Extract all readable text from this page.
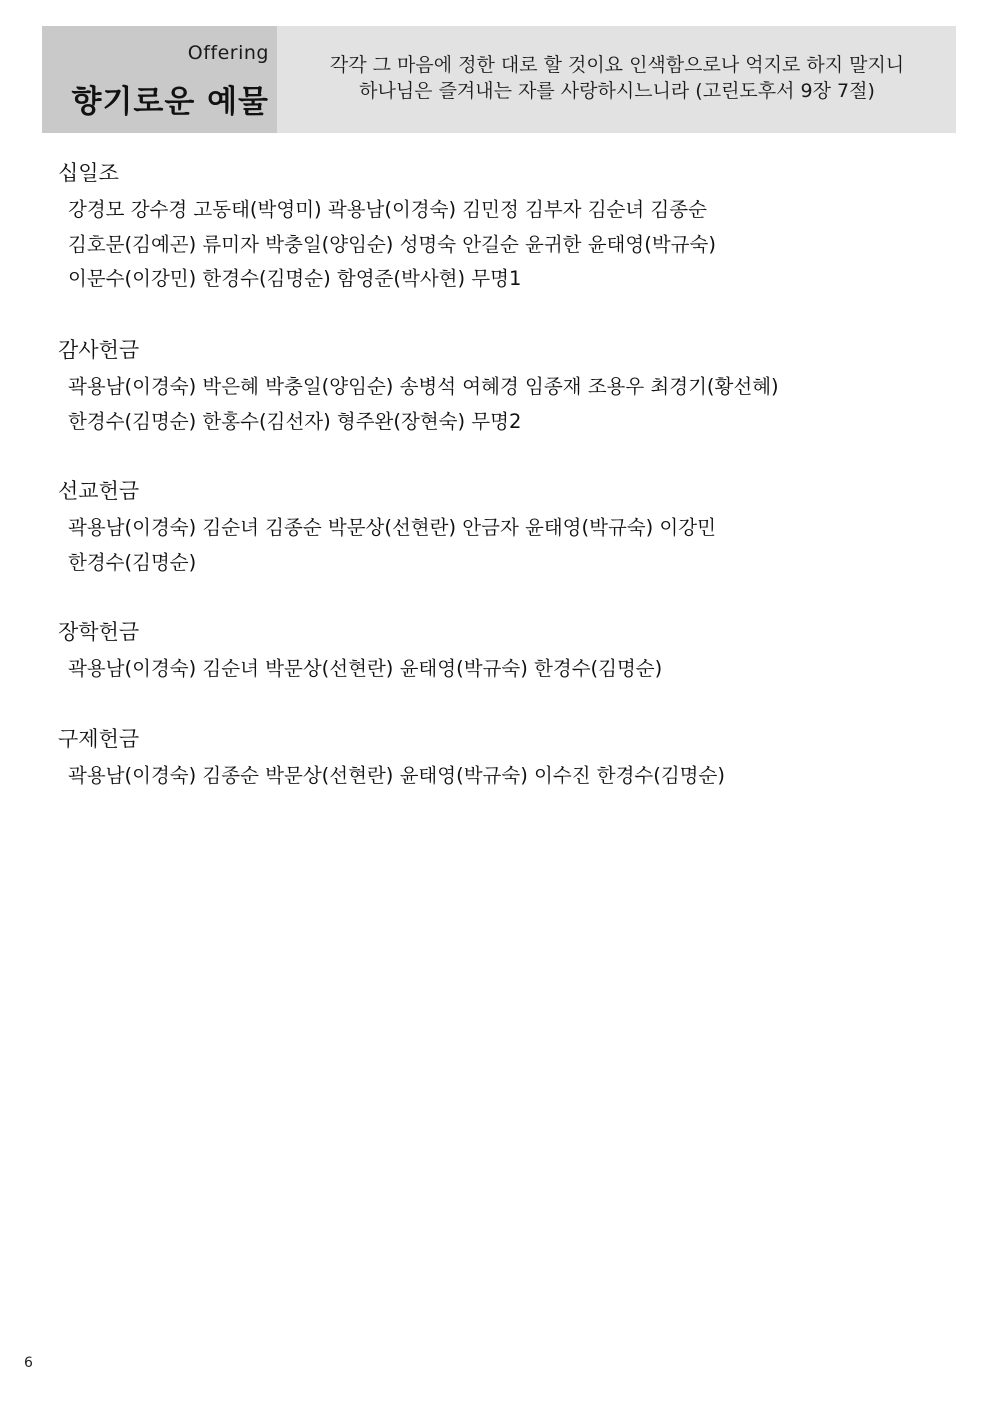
Offering
향기로운 예물
각각 그 마음에 정한 대로 할 것이요 인색함으로나 억지로 하지 말지니
하나님은 즐겨내는 자를 사랑하시느니라 (고린도후서 9장 7절)
십일조
강경모 강수경 고동태(박영미) 곽용남(이경숙) 김민정 김부자 김순녀 김종순
김호문(김예곤) 류미자 박충일(양임순) 성명숙 안길순 윤귀한 윤태영(박규숙)
이문수(이강민) 한경수(김명순) 함영준(박사현) 무명1
감사헌금
곽용남(이경숙) 박은혜 박충일(양임순) 송병석 여혜경 임종재 조용우 최경기(황선혜)
한경수(김명순) 한홍수(김선자) 형주완(장현숙) 무명2
선교헌금
곽용남(이경숙) 김순녀 김종순 박문상(선현란) 안금자 윤태영(박규숙) 이강민
한경수(김명순)
장학헌금
곽용남(이경숙) 김순녀 박문상(선현란) 윤태영(박규숙) 한경수(김명순)
구제헌금
곽용남(이경숙) 김종순 박문상(선현란) 윤태영(박규숙) 이수진 한경수(김명순)
6
